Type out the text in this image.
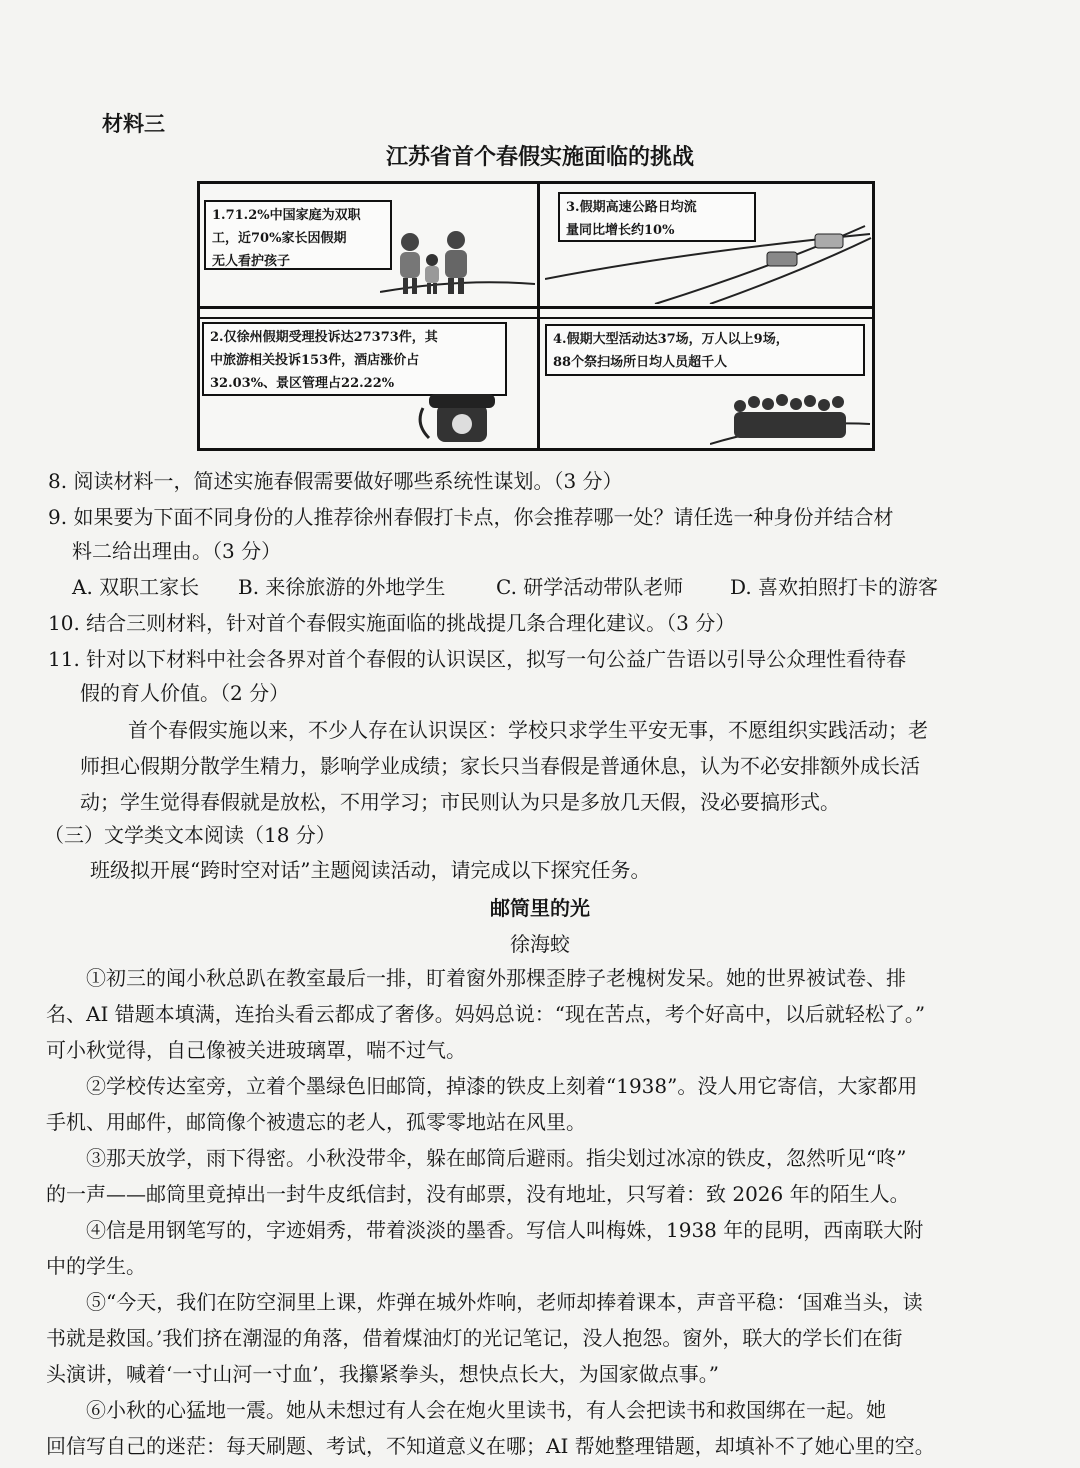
材料三
江苏省首个春假实施面临的挑战
1.71.2%中国家庭为双职
工，近70%家长因假期
无人看护孩子
3.假期高速公路日均流
量同比增长约10%
2.仅徐州假期受理投诉达27373件，其
中旅游相关投诉153件，酒店涨价占
32.03%、景区管理占22.22%
4.假期大型活动达37场，万人以上9场，
88个祭扫场所日均人员超千人
8. 阅读材料一，简述实施春假需要做好哪些系统性谋划。（3 分）
9. 如果要为下面不同身份的人推荐徐州春假打卡点，你会推荐哪一处？请任选一种身份并结合材
料二给出理由。（3 分）
A. 双职工家长 B. 来徐旅游的外地学生	C. 研学活动带队老师 D. 喜欢拍照打卡的游客
10. 结合三则材料，针对首个春假实施面临的挑战提几条合理化建议。（3 分）
11. 针对以下材料中社会各界对首个春假的认识误区，拟写一句公益广告语以引导公众理性看待春
假的育人价值。（2 分）
首个春假实施以来，不少人存在认识误区：学校只求学生平安无事，不愿组织实践活动；老
师担心假期分散学生精力，影响学业成绩；家长只当春假是普通休息，认为不必安排额外成长活
动；学生觉得春假就是放松，不用学习；市民则认为只是多放几天假，没必要搞形式。
（三）文学类文本阅读（18 分）
班级拟开展“跨时空对话”主题阅读活动，请完成以下探究任务。
邮筒里的光
徐海蛟
①初三的闻小秋总趴在教室最后一排，盯着窗外那棵歪脖子老槐树发呆。她的世界被试卷、排
名、AI 错题本填满，连抬头看云都成了奢侈。妈妈总说：“现在苦点，考个好高中，以后就轻松了。”
可小秋觉得，自己像被关进玻璃罩，喘不过气。
②学校传达室旁，立着个墨绿色旧邮筒，掉漆的铁皮上刻着“1938”。没人用它寄信，大家都用
手机、用邮件，邮筒像个被遗忘的老人，孤零零地站在风里。
③那天放学，雨下得密。小秋没带伞，躲在邮筒后避雨。指尖划过冰凉的铁皮，忽然听见“咚”
的一声——邮筒里竟掉出一封牛皮纸信封，没有邮票，没有地址，只写着：致 2026 年的陌生人。
④信是用钢笔写的，字迹娟秀，带着淡淡的墨香。写信人叫梅姝，1938 年的昆明，西南联大附
中的学生。
⑤“今天，我们在防空洞里上课，炸弹在城外炸响，老师却捧着课本，声音平稳：‘国难当头，读
书就是救国。’我们挤在潮湿的角落，借着煤油灯的光记笔记，没人抱怨。窗外，联大的学长们在街
头演讲，喊着‘一寸山河一寸血’，我攥紧拳头，想快点长大，为国家做点事。”
⑥小秋的心猛地一震。她从未想过有人会在炮火里读书，有人会把读书和救国绑在一起。她
回信写自己的迷茫：每天刷题、考试，不知道意义在哪；AI 帮她整理错题，却填补不了她心里的空。
